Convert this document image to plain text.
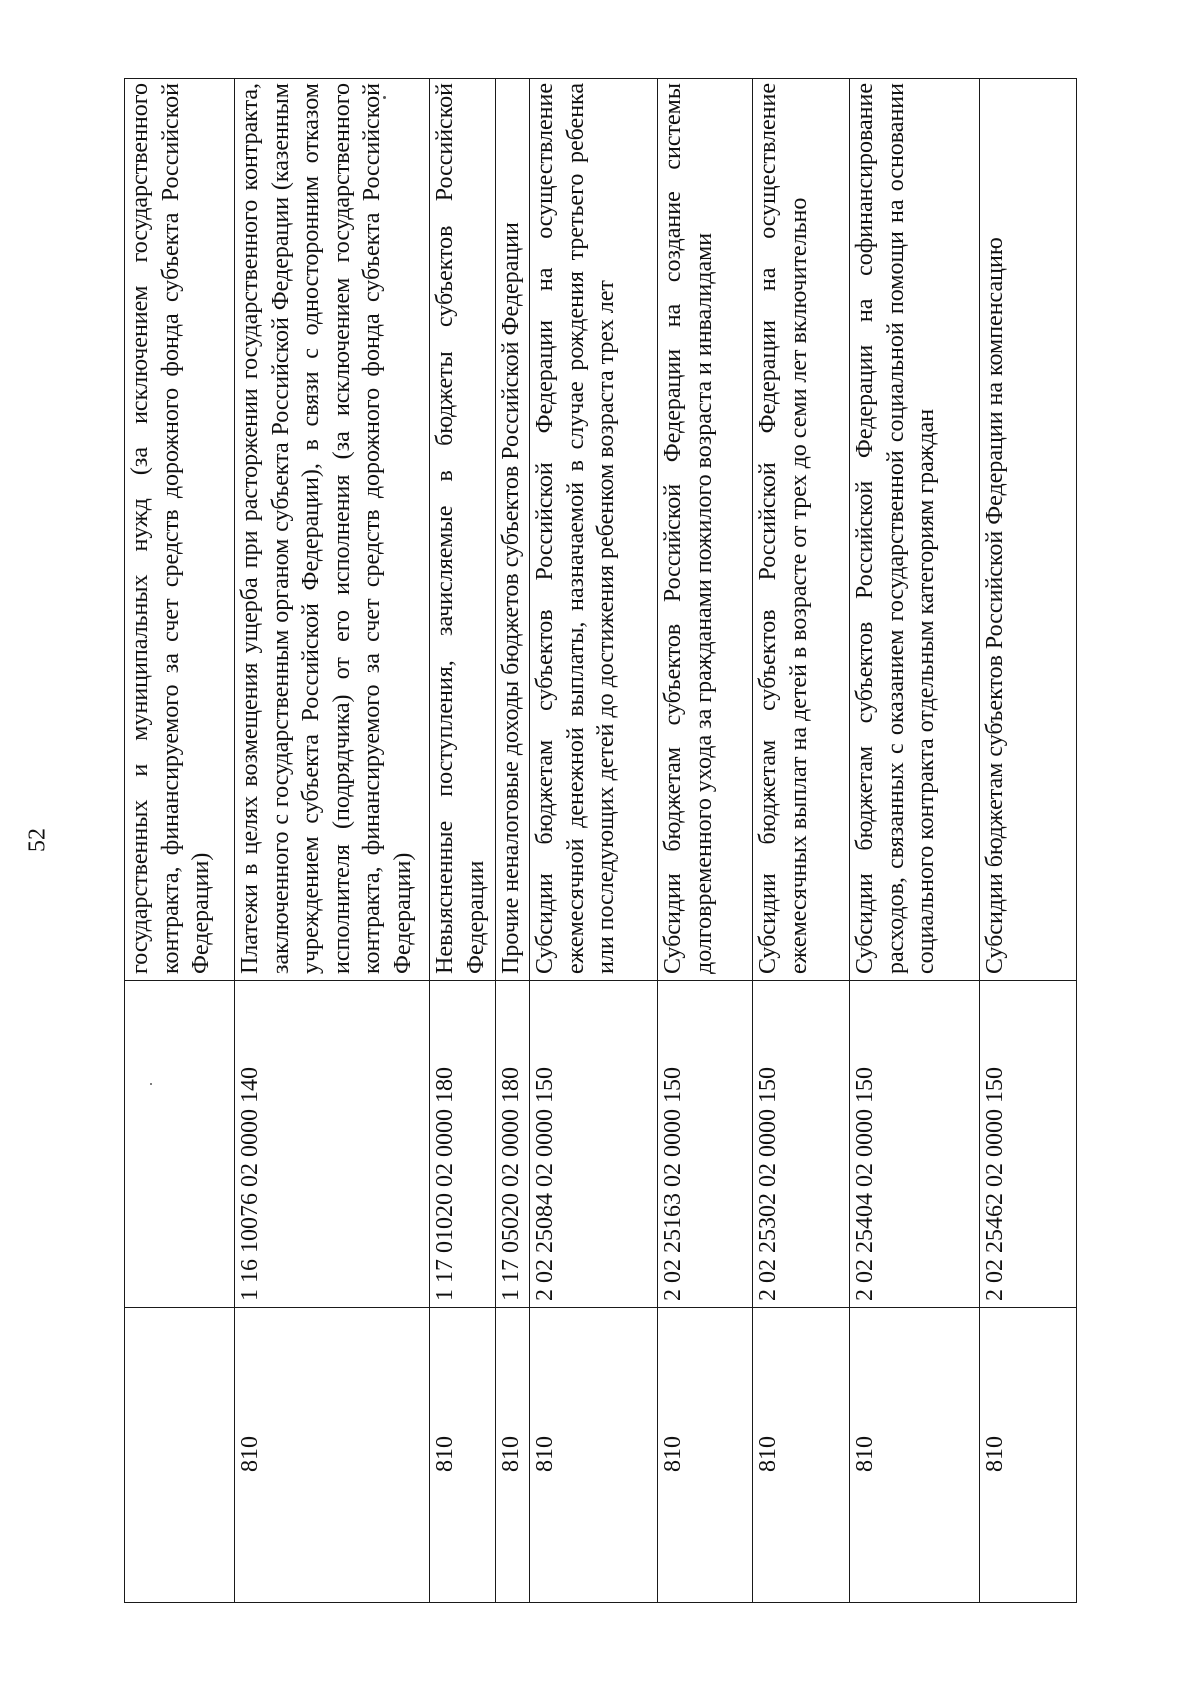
52
			государственных и муниципальных нужд (за исключением государственного контракта, финансируемого за счет средств дорожного фонда субъекта Российской Федерации)
810	1 16 10076 02 0000 140	Платежи в целях возмещения ущерба при расторжении государственного контракта, заключенного с государственным органом субъекта Российской Федерации (казенным учреждением субъекта Российской Федерации), в связи с односторонним отказом исполнителя (подрядчика) от его исполнения (за исключением государственного контракта, финансируемого за счет средств дорожного фонда субъекта Российской Федерации)
810	1 17 01020 02 0000 180	Невыясненные поступления, зачисляемые в бюджеты субъектов Российской Федерации
810	1 17 05020 02 0000 180	Прочие неналоговые доходы бюджетов субъектов Российской Федерации
810	2 02 25084 02 0000 150	Субсидии бюджетам субъектов Российской Федерации на осуществление ежемесячной денежной выплаты, назначаемой в случае рождения третьего ребенка или последующих детей до достижения ребенком возраста трех лет
810	2 02 25163 02 0000 150	Субсидии бюджетам субъектов Российской Федерации на создание системы долговременного ухода за гражданами пожилого возраста и инвалидами
810	2 02 25302 02 0000 150	Субсидии бюджетам субъектов Российской Федерации на осуществление ежемесячных выплат на детей в возрасте от трех до семи лет включительно
810	2 02 25404 02 0000 150	Субсидии бюджетам субъектов Российской Федерации на софинансирование расходов, связанных с оказанием государственной социальной помощи на основании социального контракта отдельным категориям граждан
810	2 02 25462 02 0000 150	Субсидии бюджетам субъектов Российской Федерации на компенсацию
